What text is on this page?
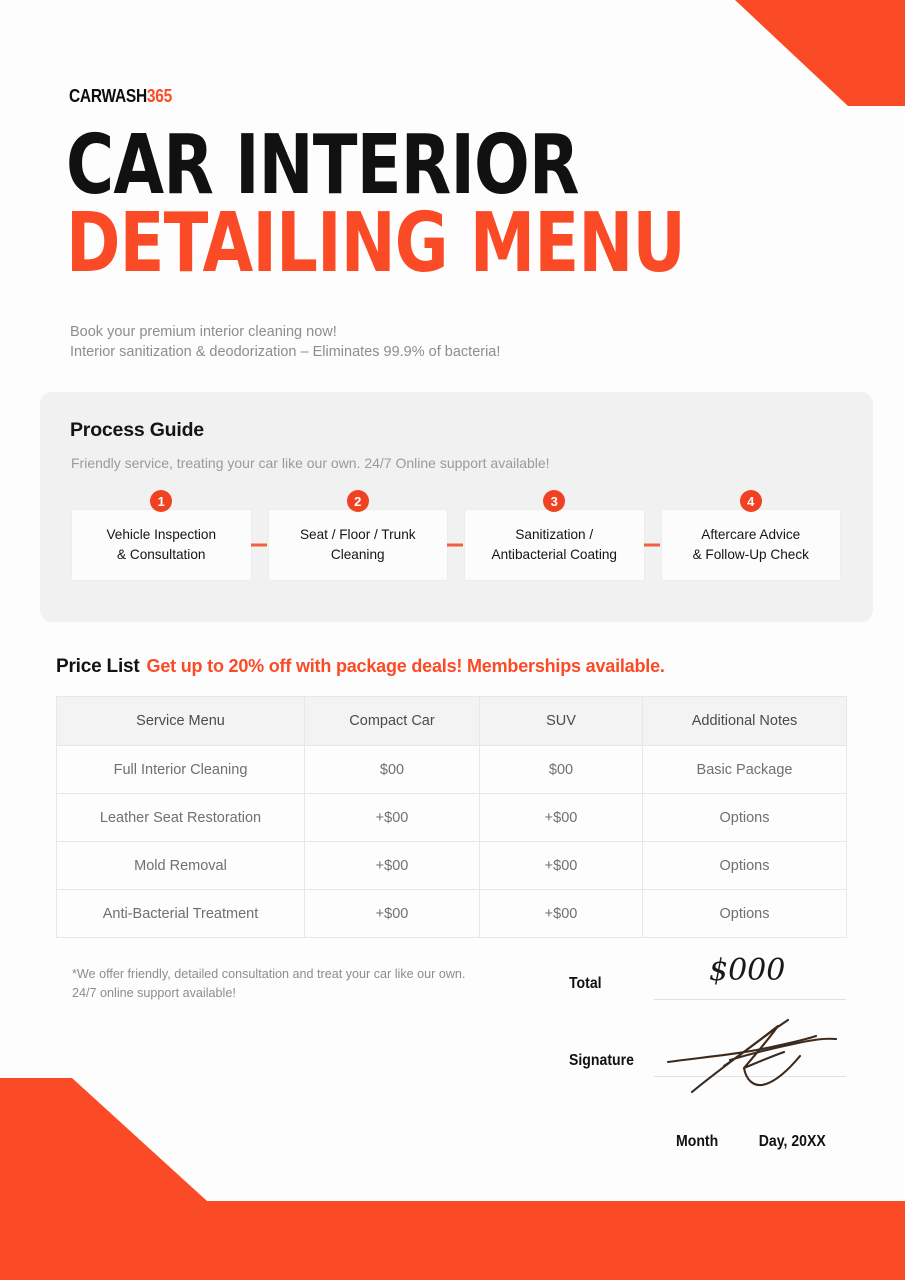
CARWASH365
CAR INTERIOR
DETAILING MENU
Book your premium interior cleaning now!
Interior sanitization & deodorization – Eliminates 99.9% of bacteria!
Process Guide
Friendly service, treating your car like our own. 24/7 Online support available!
1
Vehicle Inspection
& Consultation
2
Seat / Floor / Trunk
Cleaning
3
Sanitization /
Antibacterial Coating
4
Aftercare Advice
& Follow-Up Check
Price List Get up to 20% off with package deals! Memberships available.
Service Menu	Compact Car	SUV	Additional Notes
Full Interior Cleaning	$00	$00	Basic Package
Leather Seat Restoration	+$00	+$00	Options
Mold Removal	+$00	+$00	Options
Anti-Bacterial Treatment	+$00	+$00	Options
*We offer friendly, detailed consultation and treat your car like our own.
24/7 online support available!
Total	$000
Signature
Month	Day, 20XX
